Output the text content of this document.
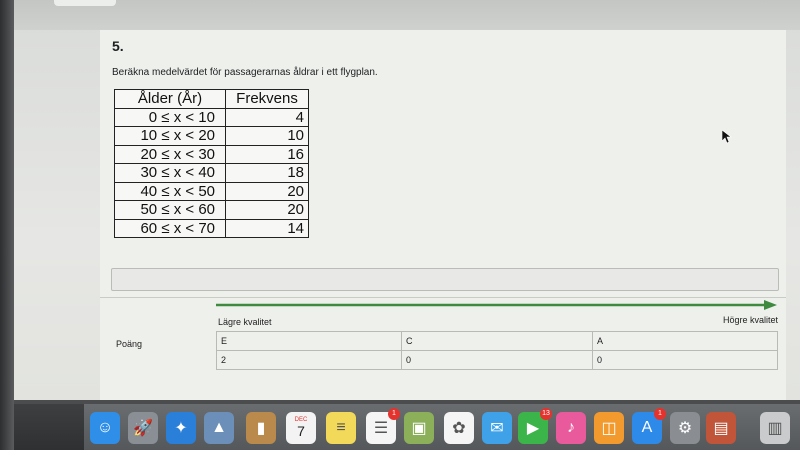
5.
Beräkna medelvärdet för passagerarnas åldrar i ett flygplan.
Ålder (År)	Frekvens
0 ≤ x < 10	4
10 ≤ x < 20	10
20 ≤ x < 30	16
30 ≤ x < 40	18
40 ≤ x < 50	20
50 ≤ x < 60	20
60 ≤ x < 70	14
Lägre kvalitet	Högre kvalitet
Poäng	E	C	A
2	0	0
☺ 🚀 ✦ ▲ ▮	DEC
7 ≡ ☰
1
▣ ✿ ✉ ▶
13
♪ ◫ A
1
⚙ ▤ ▥
